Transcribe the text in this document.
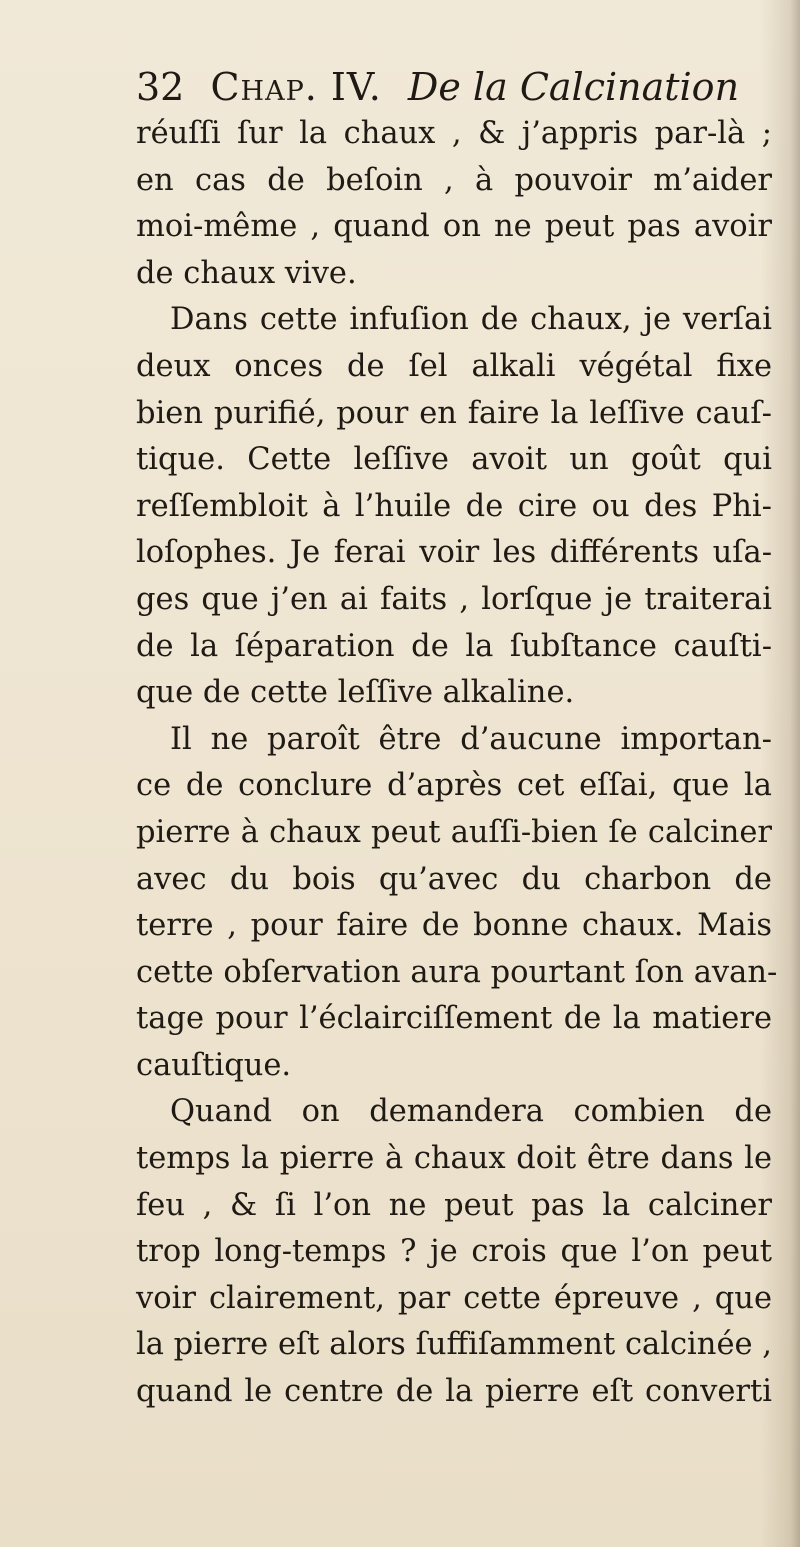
32 Chap. IV. De la Calcination
réuſſi ſur la chaux , & j’appris par-là ;
en cas de beſoin , à pouvoir m’aider
moi-même , quand on ne peut pas avoir
de chaux vive.
Dans cette infuſion de chaux, je verſai
deux onces de ſel alkali végétal fixe
bien purifié, pour en faire la leſſive cauſ-
tique. Cette leſſive avoit un goût qui
reſſembloit à l’huile de cire ou des Phi-
loſophes. Je ferai voir les différents uſa-
ges que j’en ai faits , lorſque je traiterai
de la ſéparation de la ſubſtance cauſti-
que de cette leſſive alkaline.
Il ne paroît être d’aucune importan-
ce de conclure d’après cet eſſai, que la
pierre à chaux peut auſſi-bien ſe calciner
avec du bois qu’avec du charbon de
terre , pour faire de bonne chaux. Mais
cette obſervation aura pourtant ſon avan-
tage pour l’éclairciſſement de la matiere
cauſtique.
Quand on demandera combien de
temps la pierre à chaux doit être dans le
feu , & ſi l’on ne peut pas la calciner
trop long-temps ? je crois que l’on peut
voir clairement, par cette épreuve , que
la pierre eſt alors ſuffiſamment calcinée ,
quand le centre de la pierre eſt converti
